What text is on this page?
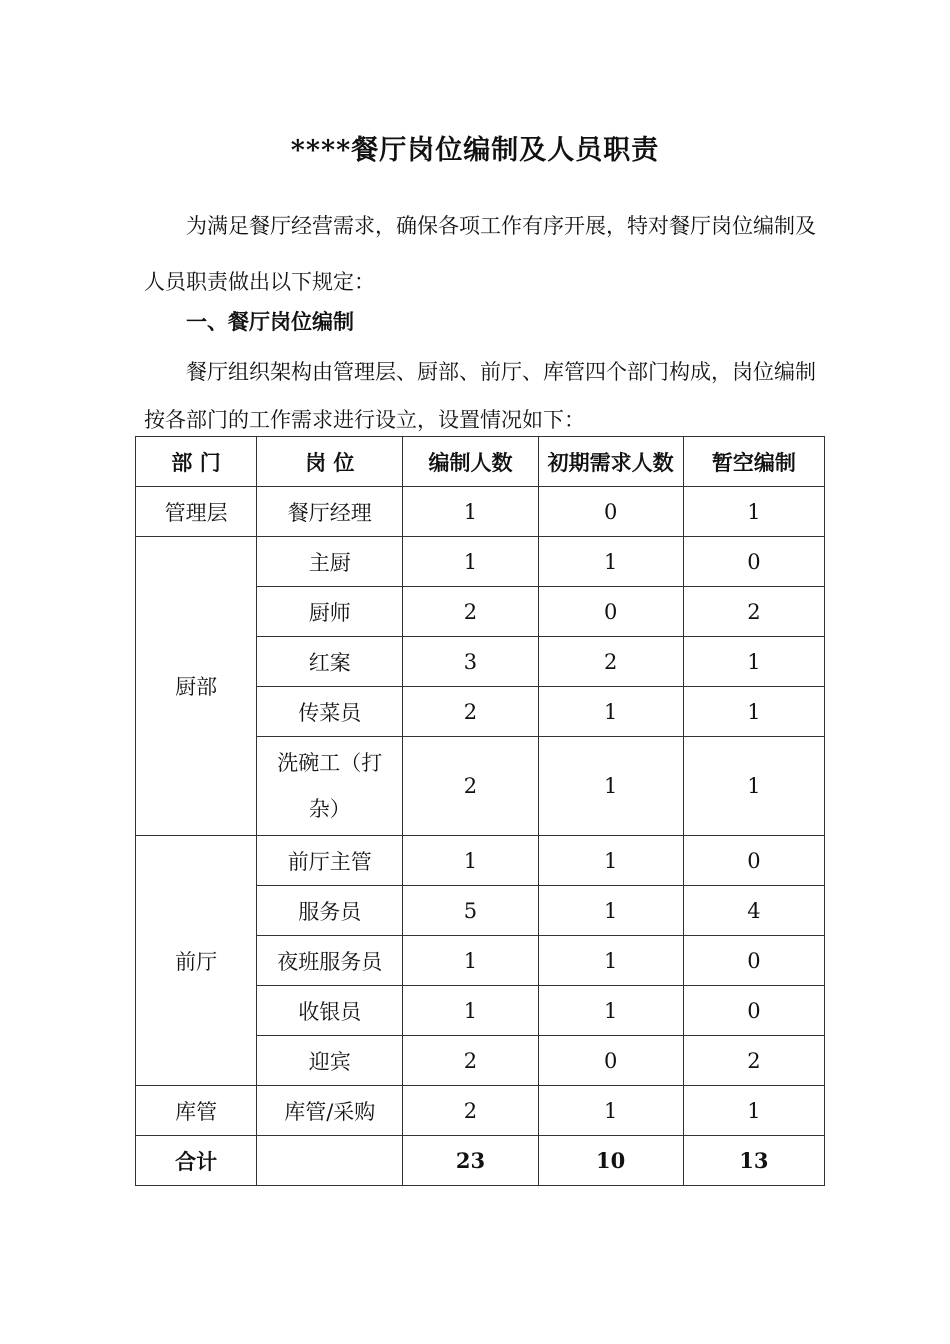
****餐厅岗位编制及人员职责
为满足餐厅经营需求，确保各项工作有序开展，特对餐厅岗位编制及人员职责做出以下规定：
一、餐厅岗位编制
餐厅组织架构由管理层、厨部、前厅、库管四个部门构成，岗位编制按各部门的工作需求进行设立，设置情况如下：
部 门	岗 位	编制人数	初期需求人数	暂空编制
管理层	餐厅经理	1	0	1
厨部	主厨	1	1	0
	厨师	2	0	2
	红案	3	2	1
	传菜员	2	1	1
	洗碗工（打杂）	2	1	1
前厅	前厅主管	1	1	0
	服务员	5	1	4
	夜班服务员	1	1	0
	收银员	1	1	0
	迎宾	2	0	2
库管	库管/采购	2	1	1
合计		23	10	13
